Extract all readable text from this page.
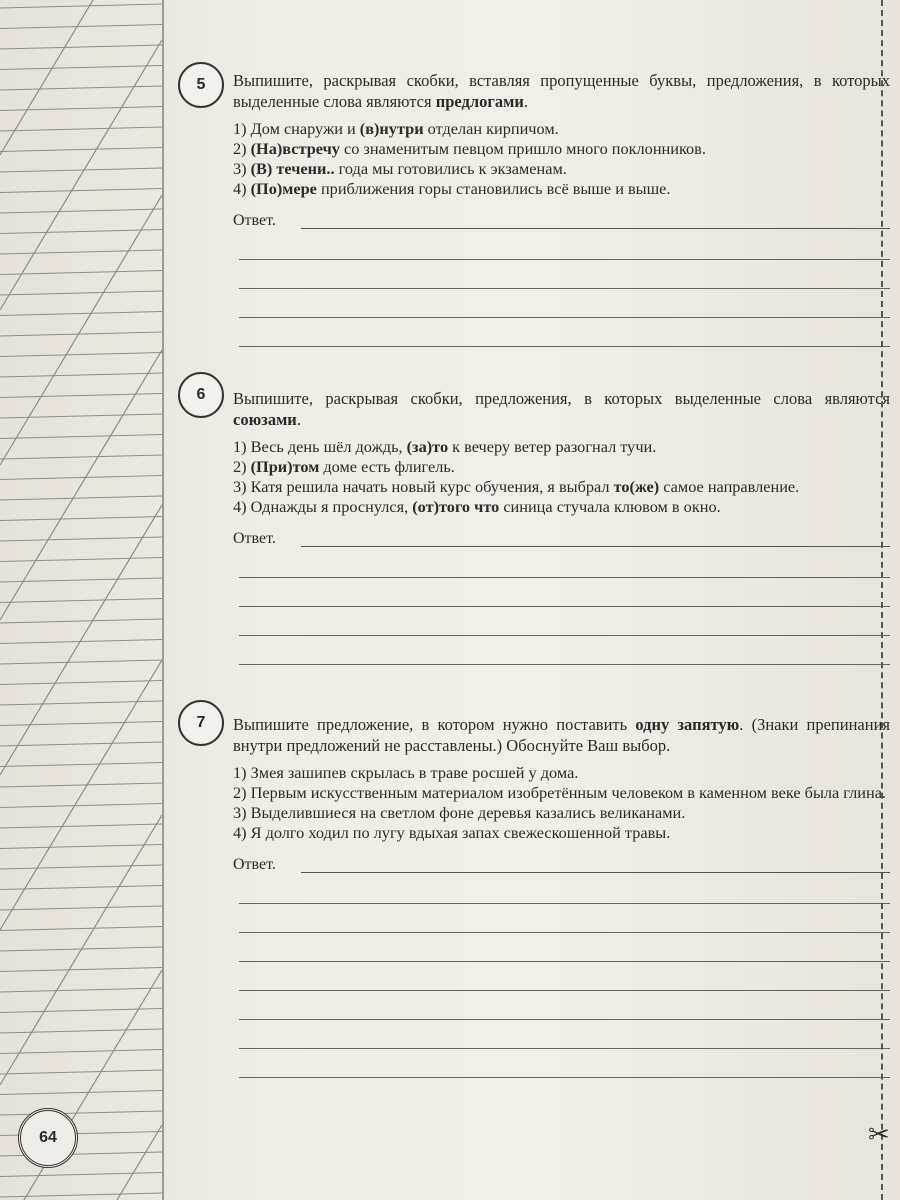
5 Выпишите, раскрывая скобки, вставляя пропущенные буквы, предложения, в которых выделенные слова являются предлогами.

1) Дом снаружи и (в)нутри отделан кирпичом.
2) (На)встречу со знаменитым певцом пришло много поклонников.
3) (В) течени.. года мы готовились к экзаменам.
4) (По)мере приближения горы становились всё выше и выше.
Ответ.
6 Выпишите, раскрывая скобки, предложения, в которых выделенные слова являются союзами.

1) Весь день шёл дождь, (за)то к вечеру ветер разогнал тучи.
2) (При)том доме есть флигель.
3) Катя решила начать новый курс обучения, я выбрал то(же) самое направление.
4) Однажды я проснулся, (от)того что синица стучала клювом в окно.
Ответ.
7 Выпишите предложение, в котором нужно поставить одну запятую. (Знаки препинания внутри предложений не расставлены.) Обоснуйте Ваш выбор.

1) Змея зашипев скрылась в траве росшей у дома.
2) Первым искусственным материалом изобретённым человеком в каменном веке была глина.
3) Выделившиеся на светлом фоне деревья казались великанами.
4) Я долго ходил по лугу вдыхая запах свежескошенной травы.
Ответ.
64	✂
